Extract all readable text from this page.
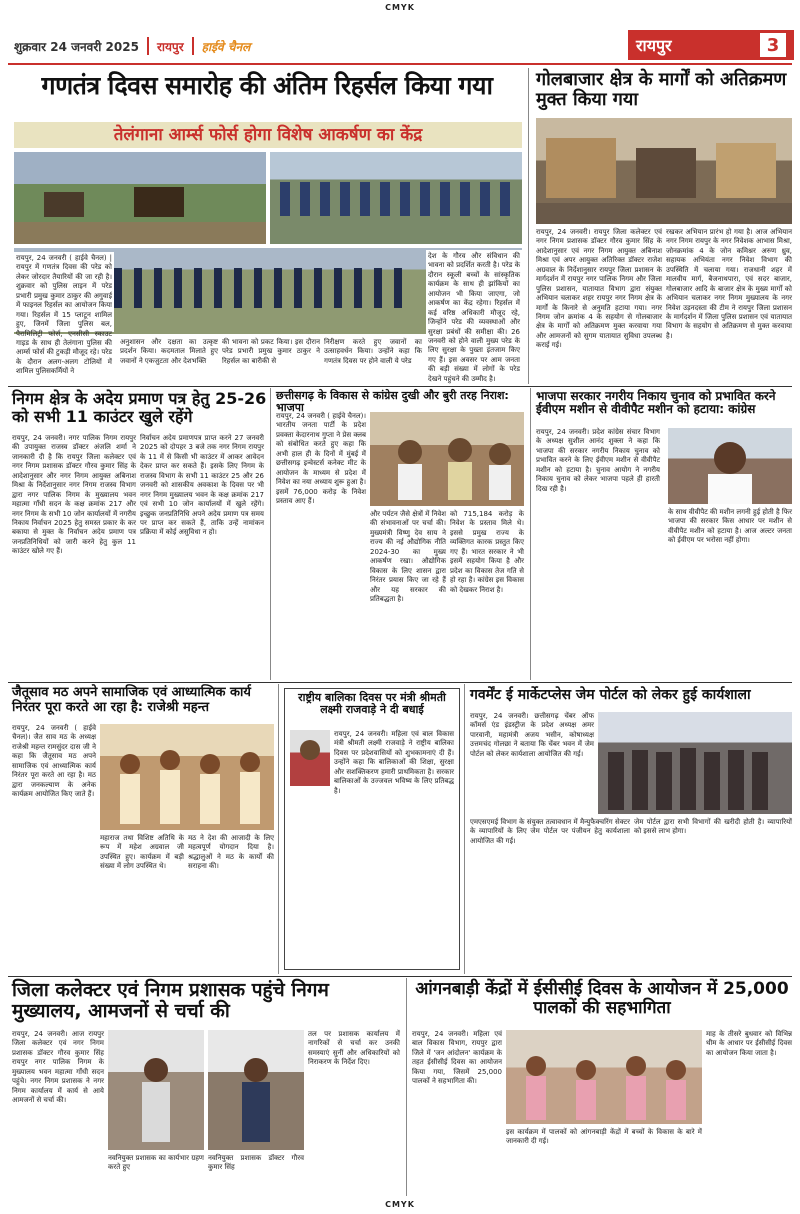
CMYK
शुक्रवार 24 जनवरी 2025 रायपुर हाईवे चैनल	रायपुर	3
गणतंत्र दिवस समारोह की अंतिम रिहर्सल किया गया
तेलंगाना आर्म्स फोर्स होगा विशेष आकर्षण का केंद्र
रायपुर, 24 जनवरी ( हाईवे चैनल) | रायपुर में गणतंत्र दिवस की परेड को लेकर जोरदार तैयारियों की जा रही है। शुक्रवार को पुलिस लाइन में परेड प्रभारी प्रमुख कुमार ठाकुर की अगुवाई में फाइनल रिहर्सल का आयोजन किया गया। रिहर्सल में 15 प्लाटून शामिल हुए, जिनमें जिला पुलिस बल, पैरामिलिट्री फोर्स, एनसीसी स्काउट गाइड के साथ ही तेलंगाना पुलिस की आर्म्स फोर्स की टुकड़ी मौजूद रहे। परेड के दौरान अलग-अलग टोलियों में शामिल पुलिसकर्मियों ने
अनुशासन और दक्षता का उत्कृष्ट प्रदर्शन किया। कदमताल मिलाते हुए जवानों ने एकजुटता और देशभक्ति
की भावना को प्रकट किया। इस दौरान परेड प्रभारी प्रमुख कुमार ठाकुर ने रिहर्सल का बारीकी से
निरीक्षण करते हुए जवानों का उत्साहवर्धन किया। उन्होंने कहा कि गणतंत्र दिवस पर होने वाली ये परेड
देश के गौरव और संविधान की भावना को प्रदर्शित करती है। परेड के दौरान स्कूली बच्चों के सांस्कृतिक कार्यक्रम के साथ ही झांकियों का आयोजन भी किया जाएगा, जो आकर्षण का केंद्र रहेगा। रिहर्सल में कई वरिष्ठ अधिकारी मौजूद रहे, जिन्होंने परेड की व्यवस्थाओं और सुरक्षा प्रबंधों की समीक्षा की। 26 जनवरी को होने वाली मुख्य परेड के लिए सुरक्षा के पुख्ता इंतजाम किए गए हैं। इस अवसर पर आम जनता की बड़ी संख्या में लोगों के परेड देखने पहुंचने की उम्मीद है।
गोलबाजार क्षेत्र के मार्गों को अतिक्रमण मुक्त किया गया
रायपुर, 24 जनवरी। रायपुर जिला कलेक्टर एवं नगर निगम प्रशासक डॉक्टर गौरव कुमार सिंह के आदेशानुसार एवं नगर निगम आयुक्त अबिनाश मिश्रा एवं अपर आयुक्त अतिरिक्त डॉक्टर राजेश अग्रवाल के निर्देशानुसार रायपुर जिला प्रशासन के मार्गदर्शन में रायपुर नगर पालिक निगम और जिला पुलिस प्रशासन, यातायात विभाग द्वारा संयुक्त अभियान चलाकर शहर रायपुर नगर निगम क्षेत्र के मार्गों के किनारे से अनुमति हटाया गया। नगर निगम जोन क्रमांक 4 के सहयोग से गोलबाजार क्षेत्र के मार्गों को अतिक्रमण मुक्त करवाया गया और आमजनों को सुगम यातायात सुविधा उपलब्ध कराई गई।
रखकर अभियान प्रारंभ हो गया है। आज अभियान नगर निगम रायपुर के नगर निवेशक आभास मिश्रा, जोनक्रमांक 4 के जोन कमिश्नर अरुण ध्रुव, सहायक अभियंता नगर निवेश विभाग की उपस्थिति में चलाया गया। राजधानी शहर में मालवीय मार्ग, बैजनाथपारा, एवं सदर बाजार, गोलबाजार आदि के बाजार क्षेत्र के मुख्य मार्गों को अभियान चलाकर नगर निगम मुख्यालय के नगर निवेश उड़नदस्ता की टीम ने रायपुर जिला प्रशासन के मार्गदर्शन में जिला पुलिस प्रशासन एवं यातायात विभाग के सहयोग से अतिक्रमण से मुक्त करवाया है।
निगम क्षेत्र के अदेय प्रमाण पत्र हेतु 25-26 को सभी 11 काउंटर खुले रहेंगे
रायपुर, 24 जनवरी। नगर पालिक निगम रायपुर की उपायुक्त राजस्व डॉक्टर अंजलि शर्मा ने जानकारी दी है कि रायपुर जिला कलेक्टर एवं नगर निगम प्रशासक डॉक्टर गौरव कुमार सिंह के आदेशानुसार और नगर निगम आयुक्त अबिनाश मिश्रा के निर्देशानुसार नगर निगम राजस्व विभाग द्वारा नगर पालिक निगम के मुख्यालय भवन महात्मा गाँधी सदन के कक्ष क्रमांक 217 और नगर निगम के सभी 10 जोन कार्यालयों में नगरीय निकाय निर्वाचन 2025 हेतु समस्त प्रकार के कर बकाया से मुक्त के निर्वाचन अदेय प्रमाण पत्र जनप्रतिनिधियों को जारी करने हेतु कुल 11 काउंटर खोले गए हैं।
निर्वाचन अदेय प्रमाणपत्र प्राप्त करने 27 जनवरी 2025 को दोपहर 3 बजे तक नगर निगम रायपुर के 11 में से किसी भी काउंटर में आकर आवेदन देकर प्राप्त कर सकते हैं। इसके लिए निगम के राजस्व विभाग के सभी 11 काउंटर 25 और 26 जनवरी को शासकीय अवकाश के दिवस पर भी नगर निगम मुख्यालय भवन के कक्ष क्रमांक 217 एवं सभी 10 जोन कार्यालयों में खुले रहेंगे। इच्छुक जनप्रतिनिधि अपने अदेय प्रमाण पत्र समय पर प्राप्त कर सकते हैं, ताकि उन्हें नामांकन प्रक्रिया में कोई असुविधा न हो।
छत्तीसगढ़ के विकास से कांग्रेस दुखी और बुरी तरह निराश: भाजपा
रायपुर, 24 जनवरी ( हाईवे चैनल)। भारतीय जनता पार्टी के प्रदेश प्रवक्ता केदारनाथ गुप्ता ने प्रेस क्लब को संबोधित करते हुए कहा कि अभी हाल ही के दिनों में मुंबई में छत्तीसगढ़ इन्वेस्टर्स कनेक्ट मीट के आयोजन के माध्यम से प्रदेश में निवेश का नया अध्याय शुरू हुआ है। इसमें 76,000 करोड़ के निवेश प्रस्ताव आए हैं।
और पर्यटन जैसे क्षेत्रों में निवेश की संभावनाओं पर चर्चा की। मुख्यमंत्री विष्णु देव साय ने राज्य की नई औद्योगिक नीति 2024-30 का मुख्य आकर्षण रखा। औद्योगिक विकास के लिए शासन द्वारा निरंतर प्रयास किए जा रहे हैं और यह सरकार की प्रतिबद्धता है।
को 715,184 करोड़ के निवेश के प्रस्ताव मिले थे। इससे प्रमुख राज्य के व्यक्तिगत कारक प्रस्तुत किए गए हैं। भारत सरकार ने भी इसमें सहयोग किया है और प्रदेश का विकास तेज गति से हो रहा है। कांग्रेस इस विकास को देखकर निराश है।
भाजपा सरकार नगरीय निकाय चुनाव को प्रभावित करने ईवीएम मशीन से वीवीपैट मशीन को हटाया: कांग्रेस
रायपुर, 24 जनवरी। प्रदेश कांग्रेस संचार विभाग के अध्यक्ष सुशील आनंद शुक्ला ने कहा कि भाजपा की सरकार नगरीय निकाय चुनाव को प्रभावित करने के लिए ईवीएम मशीन से वीवीपैट मशीन को हटाया है। चुनाव आयोग ने नगरीय निकाय चुनाव को लेकर भाजपा पहले ही हारती दिख रही है।
के साथ वीवीपैट की मशीन लगनी हुई होती है फिर भाजपा की सरकार किस आधार पर मशीन से वीवीपैट मशीन को हटाया है। आज अल्टर जनता को ईवीएम पर भरोसा नहीं होगा।
जैतूसाव मठ अपने सामाजिक एवं आध्यात्मिक कार्य निरंतर पूरा करते आ रहा है: राजेश्री महन्त
रायपुर, 24 जनवरी ( हाईवे चैनल)। जैत साव मठ के अध्यक्ष राजेश्री महन्त रामसुंदर दास जी ने कहा कि जैतूसाव मठ अपने सामाजिक एवं आध्यात्मिक कार्य निरंतर पूरा करते आ रहा है। मठ द्वारा जनकल्याण के अनेक कार्यक्रम आयोजित किए जाते हैं।
महाराज तथा विशिष्ट अतिथि के रूप में महेश अग्रवाल जी उपस्थित हुए। कार्यक्रम में बड़ी संख्या में लोग उपस्थित थे।
मठ ने देश की आजादी के लिए महत्वपूर्ण योगदान दिया है। श्रद्धालुओं ने मठ के कार्यों की सराहना की।
राष्ट्रीय बालिका दिवस पर मंत्री श्रीमती लक्ष्मी राजवाड़े ने दी बधाई
रायपुर, 24 जनवरी। महिला एवं बाल विकास मंत्री श्रीमती लक्ष्मी राजवाड़े ने राष्ट्रीय बालिका दिवस पर प्रदेशवासियों को शुभकामनाएं दी हैं। उन्होंने कहा कि बालिकाओं की शिक्षा, सुरक्षा और सशक्तिकरण हमारी प्राथमिकता है। सरकार बालिकाओं के उज्जवल भविष्य के लिए प्रतिबद्ध है।
गवर्मेंट ई मार्केटप्लेस जेम पोर्टल को लेकर हुई कार्यशाला
रायपुर, 24 जनवरी। छत्तीसगढ़ चेंबर ऑफ कॉमर्स एंड इंडस्ट्रीज के प्रदेश अध्यक्ष अमर पारवानी, महामंत्री अजय भसीन, कोषाध्यक्ष उत्तमचंद गोलछा ने बताया कि चेंबर भवन में जेम पोर्टल को लेकर कार्यशाला आयोजित की गई।
एमएसएमई विभाग के संयुक्त तत्वावधान में मैन्युफैक्चरिंग सेक्टर के व्यापारियों के लिए जेम पोर्टल पर पंजीयन हेतु कार्यशाला आयोजित की गई।
जेम पोर्टल द्वारा सभी विभागों की खरीदी होती है। व्यापारियों को इससे लाभ होगा।
जिला कलेक्टर एवं निगम प्रशासक पहुंचे निगम मुख्यालय, आमजनों से चर्चा की
रायपुर, 24 जनवरी। आज रायपुर जिला कलेक्टर एवं नगर निगम प्रशासक डॉक्टर गौरव कुमार सिंह रायपुर नगर पालिक निगम के मुख्यालय भवन महात्मा गाँधी सदन पहुंचे। नगर निगम प्रशासक ने नगर निगम कार्यालय में कार्य से आये आमजनों से चर्चा की।
नवनियुक्त प्रशासक का कार्यभार ग्रहण करते हुए
नवनियुक्त प्रशासक डॉक्टर गौरव कुमार सिंह
तल पर प्रशासक कार्यालय में नागरिकों से चर्चा कर उनकी समस्याएं सुनीं और अधिकारियों को निराकरण के निर्देश दिए।
आंगनबाड़ी केंद्रों में ईसीसीई दिवस के आयोजन में 25,000 पालकों की सहभागिता
रायपुर, 24 जनवरी। महिला एवं बाल विकास विभाग, रायपुर द्वारा जिले में 'जन आंदोलन' कार्यक्रम के तहत ईसीसीई दिवस का आयोजन किया गया, जिसमें 25,000 पालकों ने सहभागिता की।
इस कार्यक्रम में पालकों को आंगनबाड़ी केंद्रों में बच्चों के विकास के बारे में जानकारी दी गई।
माह के तीसरे बुधवार को विभिन्न थीम के आधार पर ईसीसीई दिवस का आयोजन किया जाता है।
CMYK
